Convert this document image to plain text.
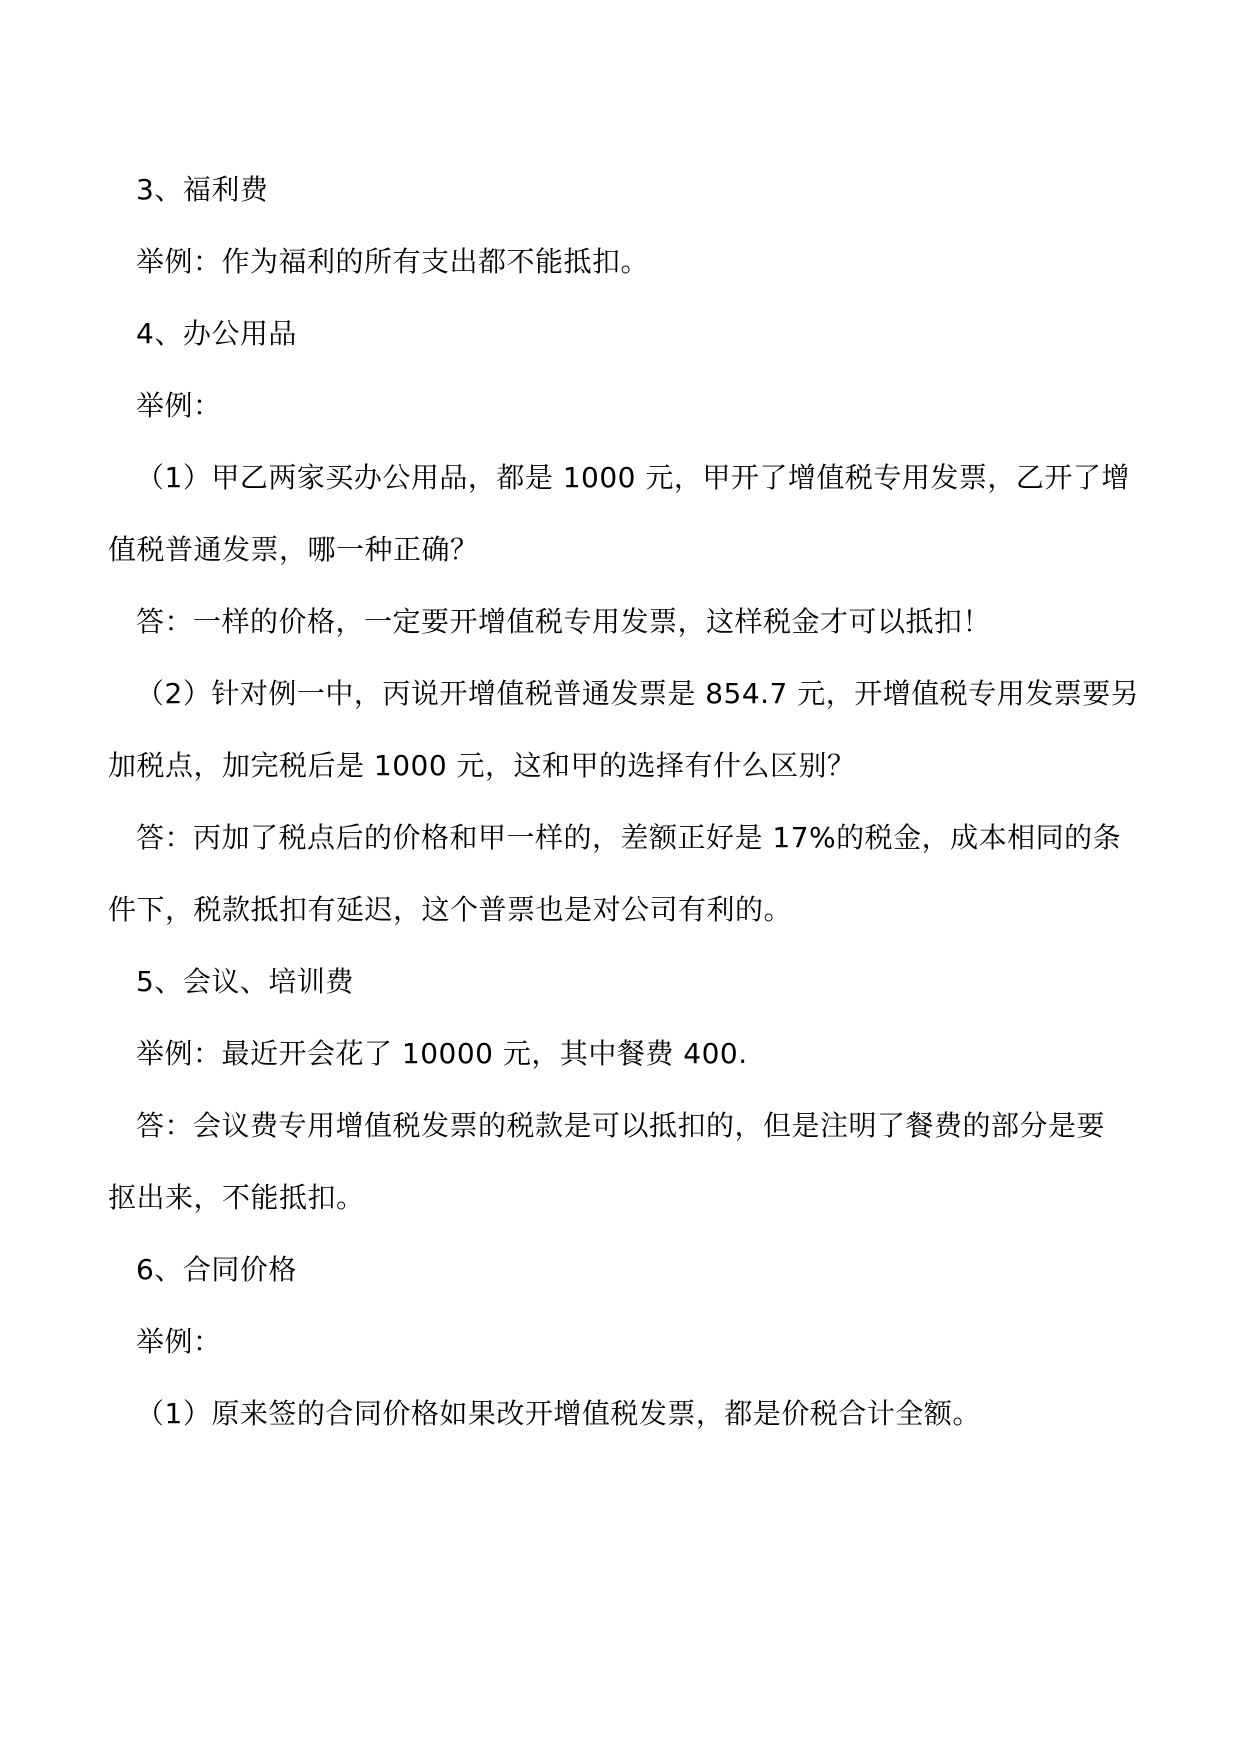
3、福利费
举例：作为福利的所有支出都不能抵扣。
4、办公用品
举例：
（1）甲乙两家买办公用品，都是 1000 元，甲开了增值税专用发票，乙开了增
值税普通发票，哪一种正确？
答：一样的价格，一定要开增值税专用发票，这样税金才可以抵扣！
（2）针对例一中，丙说开增值税普通发票是 854.7 元，开增值税专用发票要另
加税点，加完税后是 1000 元，这和甲的选择有什么区别？
答：丙加了税点后的价格和甲一样的，差额正好是 17%的税金，成本相同的条
件下，税款抵扣有延迟，这个普票也是对公司有利的。
5、会议、培训费
举例：最近开会花了 10000 元，其中餐费 400.
答：会议费专用增值税发票的税款是可以抵扣的，但是注明了餐费的部分是要
抠出来，不能抵扣。
6、合同价格
举例：
（1）原来签的合同价格如果改开增值税发票，都是价税合计全额。
